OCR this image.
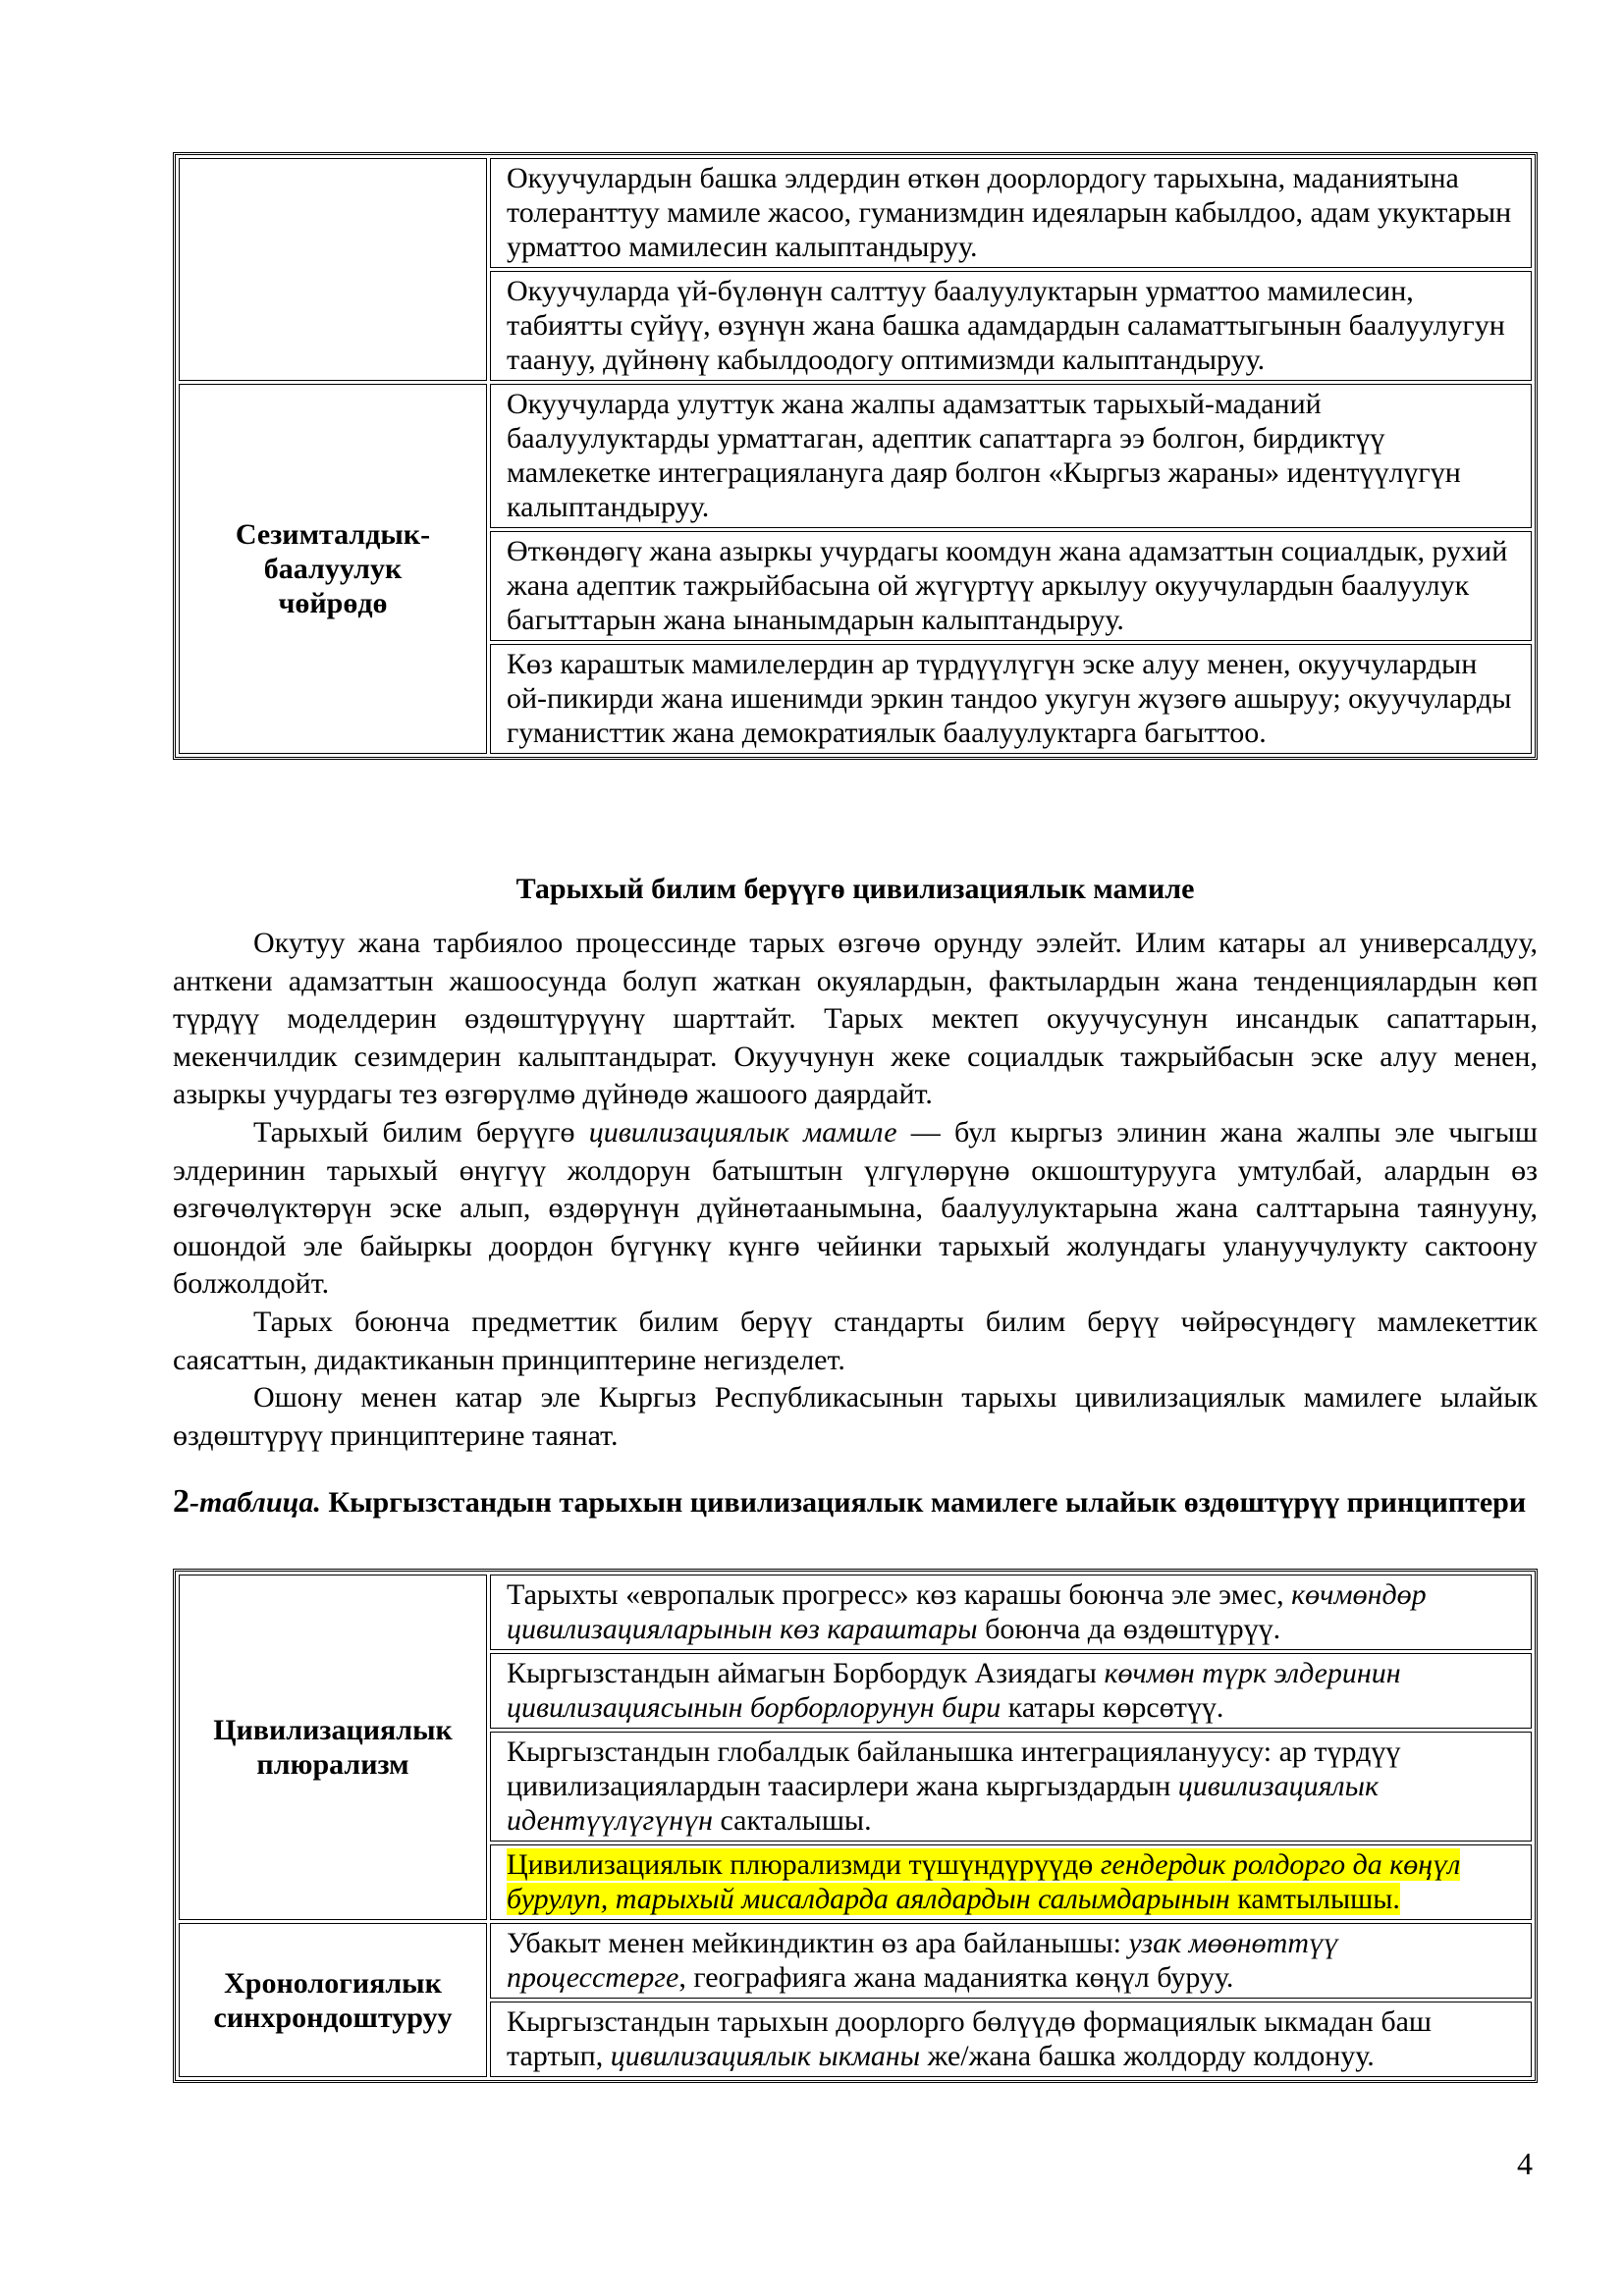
	Окуучулардын башка элдердин өткөн доорлордогу тарыхына, маданиятына толеранттуу мамиле жасоо, гуманизмдин идеяларын кабылдоо, адам укуктарын урматтоо мамилесин калыптандыруу.
	Окуучуларда үй-бүлөнүн салттуу баалуулуктарын урматтоо мамилесин, табиятты сүйүү, өзүнүн жана башка адамдардын саламаттыгынын баалуулугун таануу, дүйнөнү кабылдоодогу оптимизмди калыптандыруу.
Сезимталдык-баалуулук чөйрөдө	Окуучуларда улуттук жана жалпы адамзаттык тарыхый-маданий баалуулуктарды урматтаган, адептик сапаттарга ээ болгон, бирдиктүү мамлекетке интеграциялануга даяр болгон «Кыргыз жараны» идентүүлүгүн калыптандыруу.
	Өткөндөгү жана азыркы учурдагы коомдун жана адамзаттын социалдык, рухий жана адептик тажрыйбасына ой жүгүртүү аркылуу окуучулардын баалуулук багыттарын жана ынанымдарын калыптандыруу.
	Көз караштык мамилелердин ар түрдүүлүгүн эске алуу менен, окуучулардын ой-пикирди жана ишенимди эркин тандоо укугун жүзөгө ашыруу; окуучуларды гуманисттик жана демократиялык баалуулуктарга багыттоо.
Тарыхый билим берүүгө цивилизациялык мамиле

Окутуу жана тарбиялоо процессинде тарых өзгөчө орунду ээлейт. Илим катары ал универсалдуу, анткени адамзаттын жашоосунда болуп жаткан окуялардын, фактылардын жана тенденциялардын көп түрдүү моделдерин өздөштүрүүнү шарттайт. Тарых мектеп окуучусунун инсандык сапаттарын, мекенчилдик сезимдерин калыптандырат. Окуучунун жеке социалдык тажрыйбасын эске алуу менен, азыркы учурдагы тез өзгөрүлмө дүйнөдө жашоого даярдайт.

Тарыхый билим берүүгө цивилизациялык мамиле — бул кыргыз элинин жана жалпы эле чыгыш элдеринин тарыхый өнүгүү жолдорун батыштын үлгүлөрүнө окшоштурууга умтулбай, алардын өз өзгөчөлүктөрүн эске алып, өздөрүнүн дүйнөтаанымына, баалуулуктарына жана салттарына таянууну, ошондой эле байыркы доордон бүгүнкү күнгө чейинки тарыхый жолундагы улануучулукту сактоону болжолдойт.

Тарых боюнча предметтик билим берүү стандарты билим берүү чөйрөсүндөгү мамлекеттик саясаттын, дидактиканын принциптерине негизделет.

Ошону менен катар эле Кыргыз Республикасынын тарыхы цивилизациялык мамилеге ылайык өздөштүрүү принциптерине таянат.

2-таблица. Кыргызстандын тарыхын цивилизациялык мамилеге ылайык өздөштүрүү принциптери

Цивилизациялык плюрализм	Тарыхты «европалык прогресс» көз карашы боюнча эле эмес, көчмөндөр цивилизацияларынын көз караштары боюнча да өздөштүрүү.
	Кыргызстандын аймагын Борбордук Азиядагы көчмөн түрк элдеринин цивилизациясынын борборлорунун бири катары көрсөтүү.
	Кыргызстандын глобалдык байланышка интеграциялануусу: ар түрдүү цивилизациялардын таасирлери жана кыргыздардын цивилизациялык идентүүлүгүнүн сакталышы.
	Цивилизациялык плюрализмди түшүндүрүүдө гендердик ролдорго да көңүл бурулуп, тарыхый мисалдарда аялдардын салымдарынын камтылышы.
Хронологиялык синхрондоштуруу	Убакыт менен мейкиндиктин өз ара байланышы: узак мөөнөттүү процесстерге, географияга жана маданиятка көңүл буруу.
	Кыргызстандын тарыхын доорлорго бөлүүдө формациялык ыкмадан баш тартып, цивилизациялык ыкманы же/жана башка жолдорду колдонуу.
4
